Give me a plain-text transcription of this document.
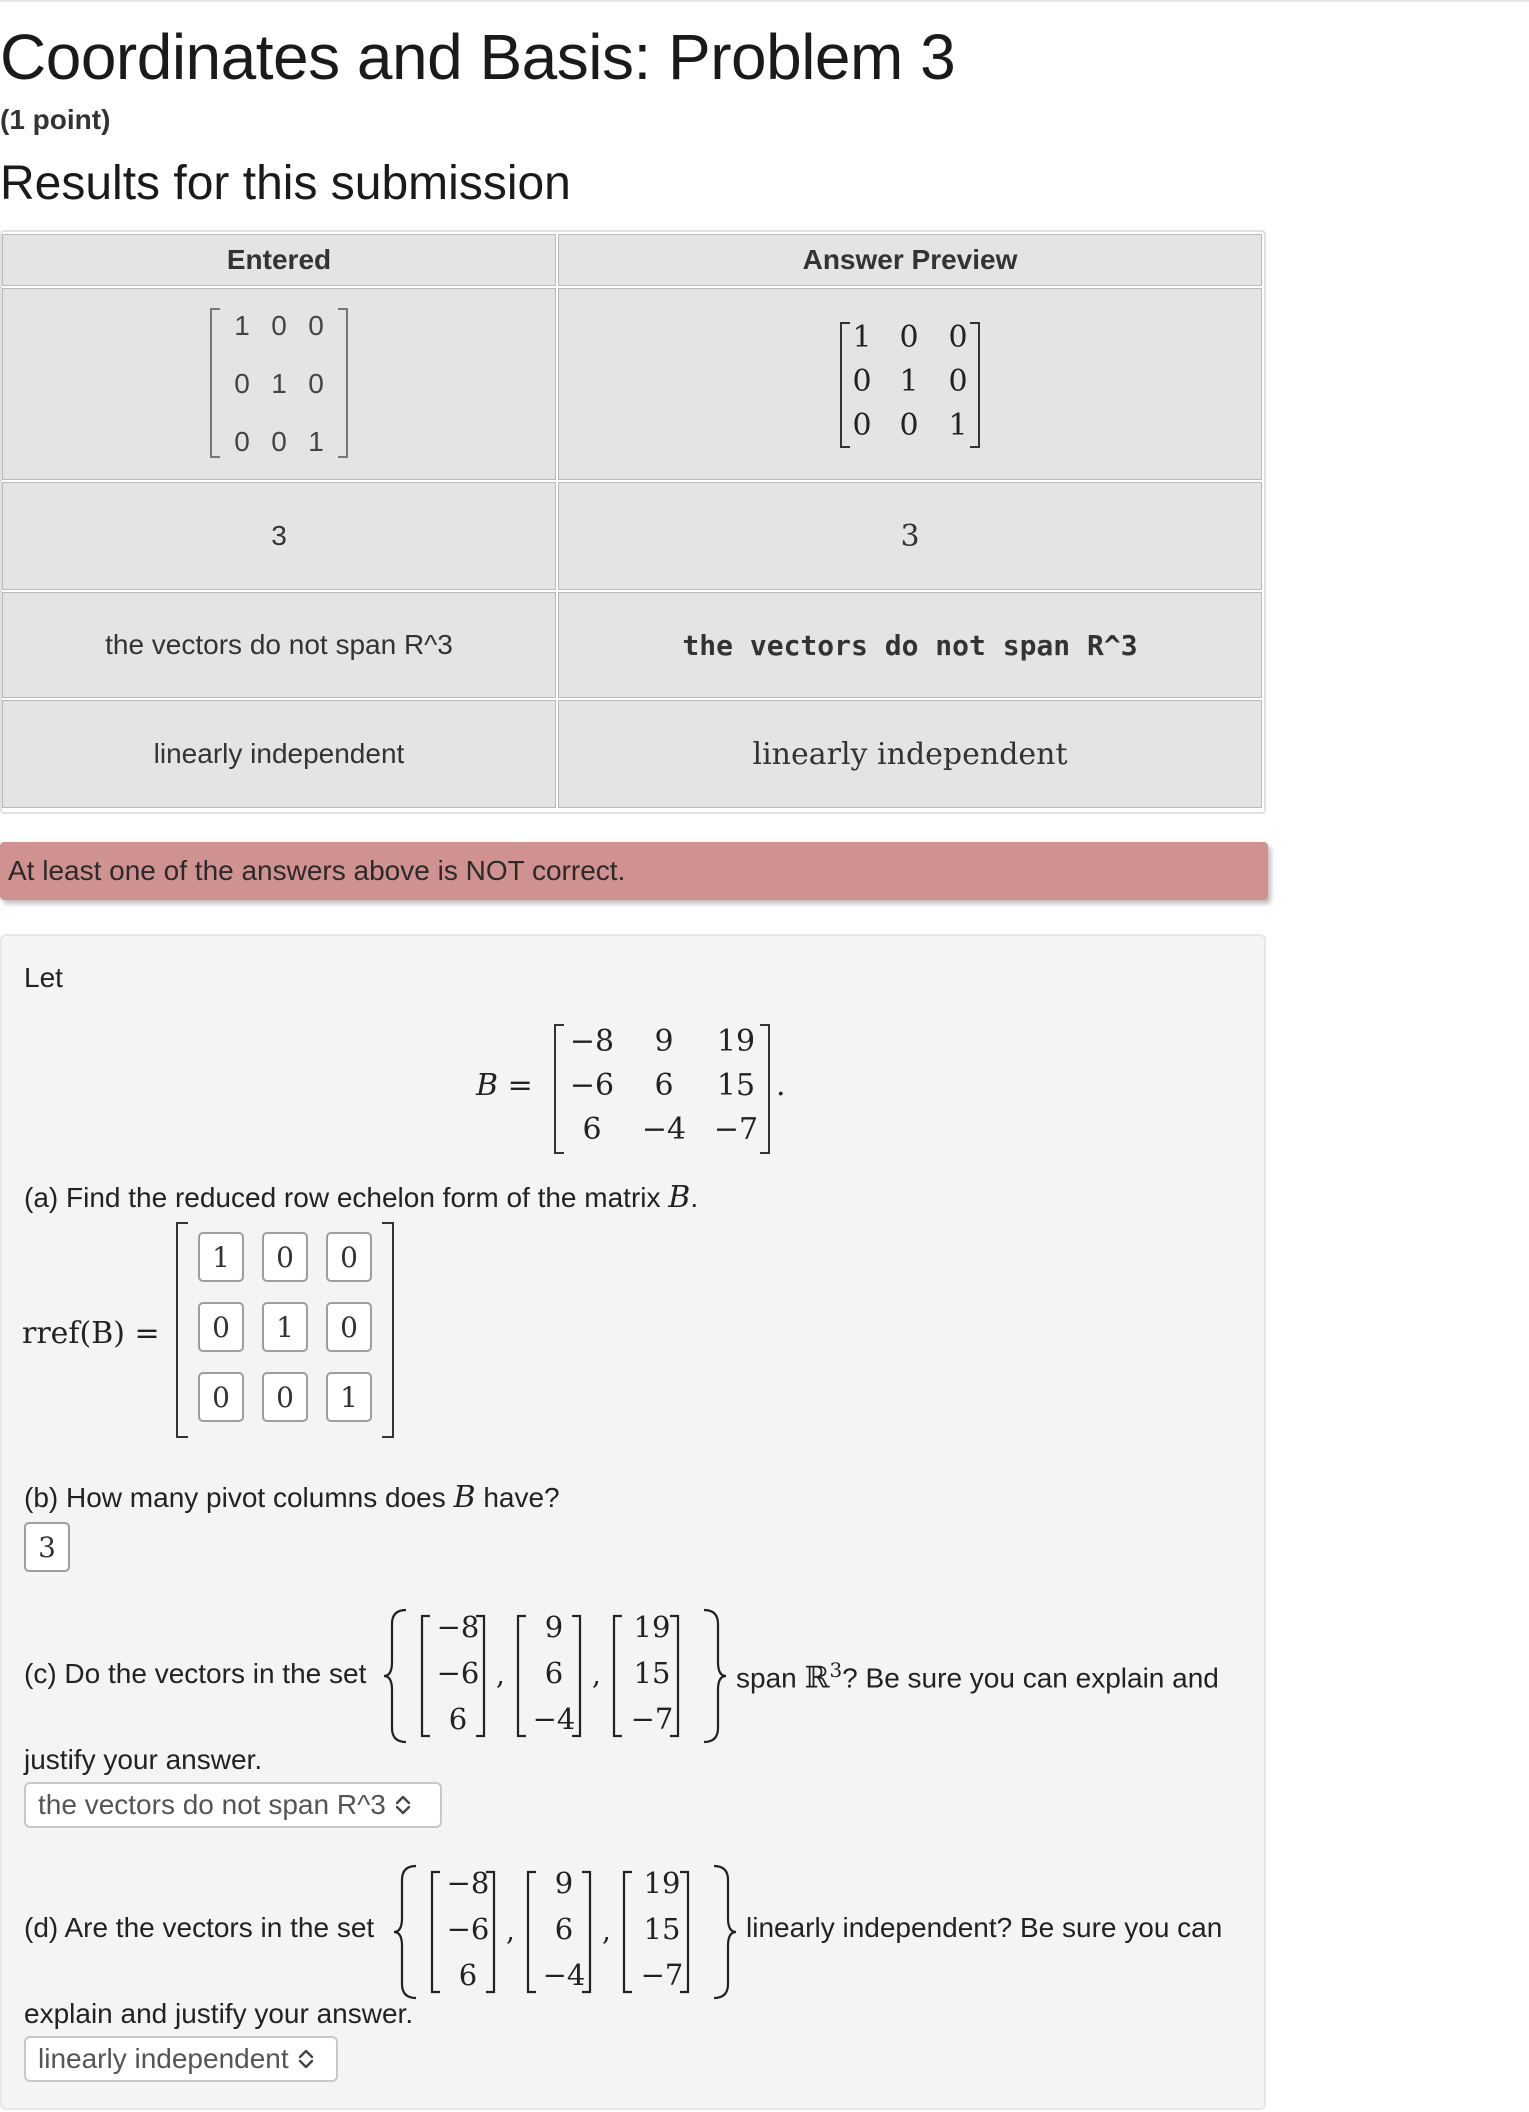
Coordinates and Basis: Problem 3
(1 point)
Results for this submission
Entered	Answer Preview
1 0 0
0 1 0
0 0 1
1 0 0
0 1 0
0 0 1
3	3
the vectors do not span R^3	the vectors do not span R^3
linearly independent	linearly independent
At least one of the answers above is NOT correct.
Let
B =
−8	9	19
−6	6	15
6	−4 −7
.
(a) Find the reduced row echelon form of the matrix B.
rref(B) =
1	0	0
0	1	0
0	0	1
(b) How many pivot columns does B have?
3
(c) Do the vectors in the set
−8
−6
6
,
9
6
−4
,
19
15
−7
span ℝ$^3$? Be sure you can explain and
justify your answer.
the vectors do not span R^3
(d) Are the vectors in the set
−8
−6
6
,
9
6
−4
,
19
15
−7
linearly independent? Be sure you can
explain and justify your answer.
linearly independent
